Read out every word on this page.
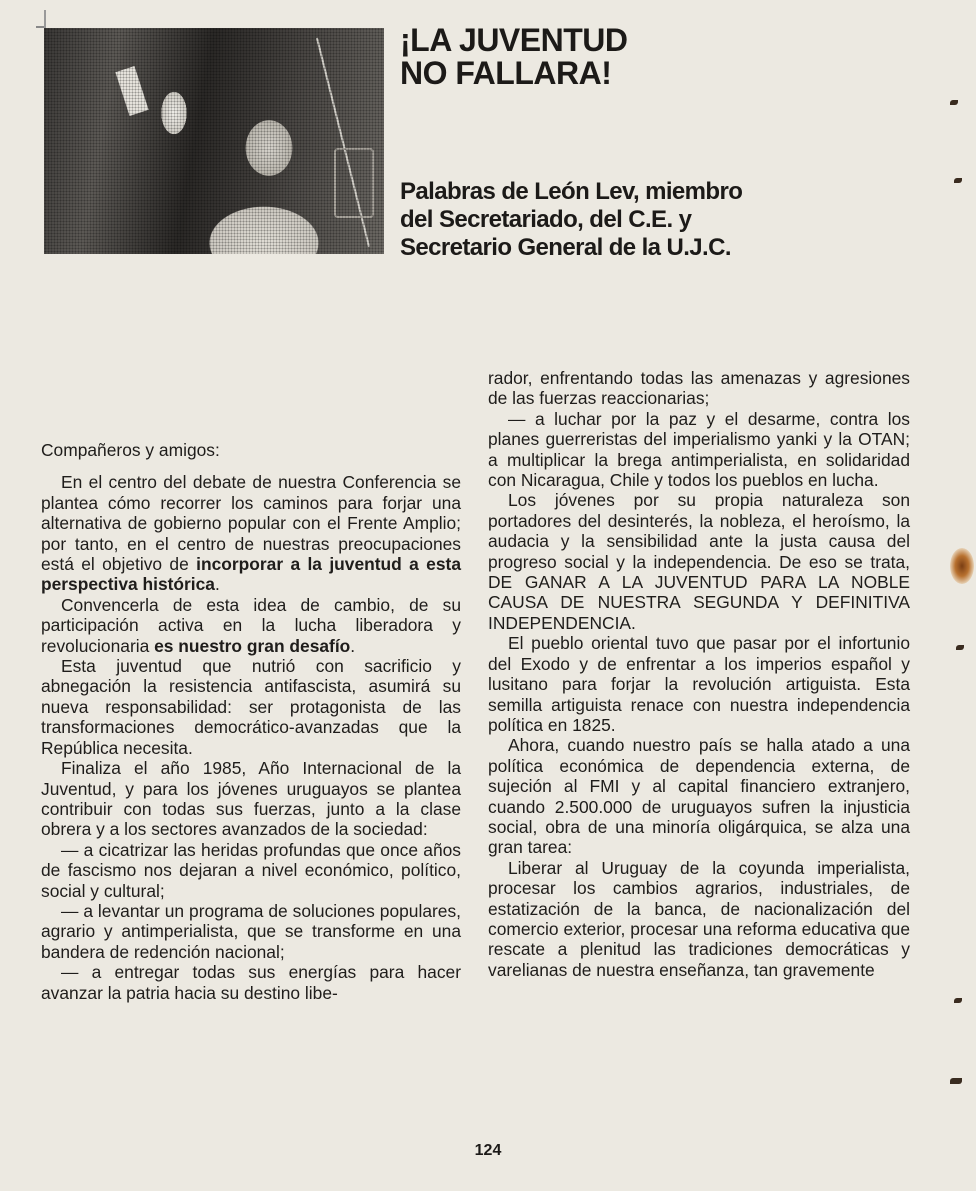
¡LA JUVENTUD
NO FALLARA!
Palabras de León Lev, miembro
del Secretariado, del C.E. y
Secretario General de la U.J.C.

Compañeros y amigos:

En el centro del debate de nuestra Conferencia se plantea cómo recorrer los caminos para forjar una alternativa de gobierno popular con el Frente Amplio; por tanto, en el centro de nuestras preocupaciones está el objetivo de incorporar a la juventud a esta perspectiva histórica.

Convencerla de esta idea de cambio, de su participación activa en la lucha liberadora y revolucionaria es nuestro gran desafío.

Esta juventud que nutrió con sacrificio y abnegación la resistencia antifascista, asumirá su nueva responsabilidad: ser protagonista de las transformaciones democrático-avanzadas que la República necesita.

Finaliza el año 1985, Año Internacional de la Juventud, y para los jóvenes uruguayos se plantea contribuir con todas sus fuerzas, junto a la clase obrera y a los sectores avanzados de la sociedad:

— a cicatrizar las heridas profundas que once años de fascismo nos dejaran a nivel económico, político, social y cultural;

— a levantar un programa de soluciones populares, agrario y antimperialista, que se transforme en una bandera de redención nacional;

— a entregar todas sus energías para hacer avanzar la patria hacia su destino libe-

rador, enfrentando todas las amenazas y agresiones de las fuerzas reaccionarias;

— a luchar por la paz y el desarme, contra los planes guerreristas del imperialismo yanki y la OTAN; a multiplicar la brega antimperialista, en solidaridad con Nicaragua, Chile y todos los pueblos en lucha.

Los jóvenes por su propia naturaleza son portadores del desinterés, la nobleza, el heroísmo, la audacia y la sensibilidad ante la justa causa del progreso social y la independencia. De eso se trata, DE GANAR A LA JUVENTUD PARA LA NOBLE CAUSA DE NUESTRA SEGUNDA Y DEFINITIVA INDEPENDENCIA.

El pueblo oriental tuvo que pasar por el infortunio del Exodo y de enfrentar a los imperios español y lusitano para forjar la revolución artiguista. Esta semilla artiguista renace con nuestra independencia política en 1825.

Ahora, cuando nuestro país se halla atado a una política económica de dependencia externa, de sujeción al FMI y al capital financiero extranjero, cuando 2.500.000 de uruguayos sufren la injusticia social, obra de una minoría oligárquica, se alza una gran tarea:

Liberar al Uruguay de la coyunda imperialista, procesar los cambios agrarios, industriales, de estatización de la banca, de nacionalización del comercio exterior, procesar una reforma educativa que rescate a plenitud las tradiciones democráticas y varelianas de nuestra enseñanza, tan gravemente

124
